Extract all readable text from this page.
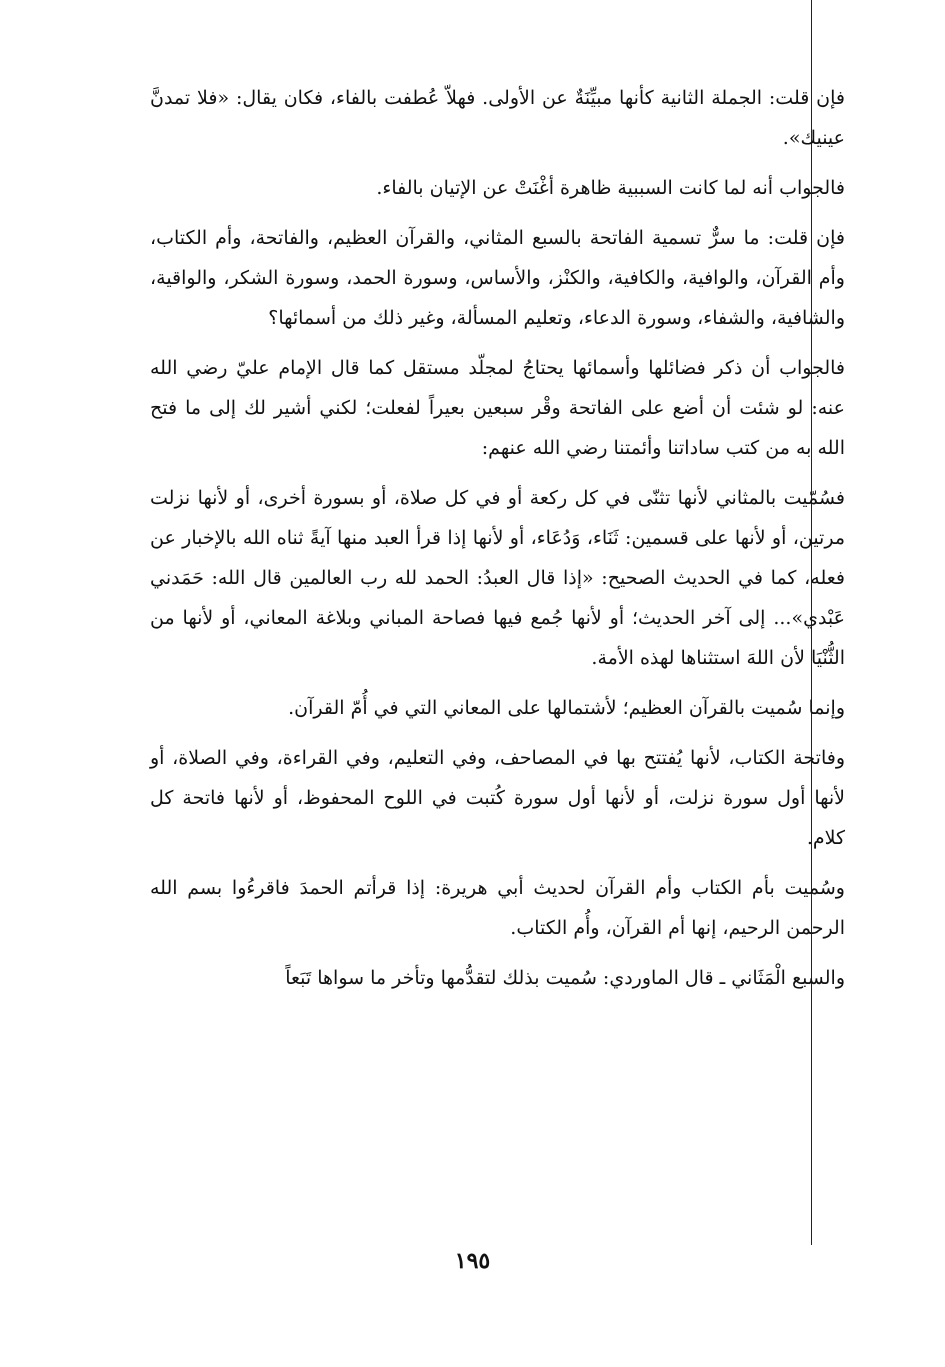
فإن قلت: الجملة الثانية كأنها مبيِّنَةٌ عن الأولى. فهلاّ عُطفت بالفاء، فكان يقال: «فلا تمدنَّ عينيك».

فالجواب أنه لما كانت السببية ظاهرة أغْنَتْ عن الإتيان بالفاء.

فإن قلت: ما سرٌّ تسمية الفاتحة بالسبع المثاني، والقرآن العظيم، والفاتحة، وأم الكتاب، وأم القرآن، والوافية، والكافية، والكنْز، والأساس، وسورة الحمد، وسورة الشكر، والواقية، والشافية، والشفاء، وسورة الدعاء، وتعليم المسألة، وغير ذلك من أسمائها؟

فالجواب أن ذكر فضائلها وأسمائها يحتاجُ لمجلّد مستقل كما قال الإمام عليّ رضي الله عنه: لو شئت أن أضع على الفاتحة وقْر سبعين بعيراً لفعلت؛ لكني أشير لك إلى ما فتح الله به من كتب ساداتنا وأئمتنا رضي الله عنهم:

فسُمّيت بالمثاني لأنها تثنّى في كل ركعة أو في كل صلاة، أو بسورة أخرى، أو لأنها نزلت مرتين، أو لأنها على قسمين: ثَنَاء، وَدُعَاء، أو لأنها إذا قرأ العبد منها آيةً ثناه الله بالإخبار عن فعله، كما في الحديث الصحيح: «إذا قال العبدُ: الحمد لله رب العالمين قال الله: حَمَدني عَبْدي»... إلى آخر الحديث؛ أو لأنها جُمع فيها فصاحة المباني وبلاغة المعاني، أو لأنها من الثُّنْيَا لأن اللهَ استثناها لهذه الأمة.

وإنما سُميت بالقرآن العظيم؛ لأشتمالها على المعاني التي في أُمّ القرآن.

وفاتحة الكتاب، لأنها يُفتتح بها في المصاحف، وفي التعليم، وفي القراءة، وفي الصلاة، أو لأنها أول سورة نزلت، أو لأنها أول سورة كُتبت في اللوح المحفوظ، أو لأنها فاتحة كل كلام.

وسُميت بأم الكتاب وأم القرآن لحديث أبي هريرة: إذا قرأتم الحمدَ فاقرءُوا بسم الله الرحمن الرحيم، إنها أم القرآن، وأُم الكتاب.

والسبع الْمَثَاني ـ قال الماوردي: سُميت بذلك لتقدُّمها وتأخر ما سواها تَبَعاً

١٩٥
